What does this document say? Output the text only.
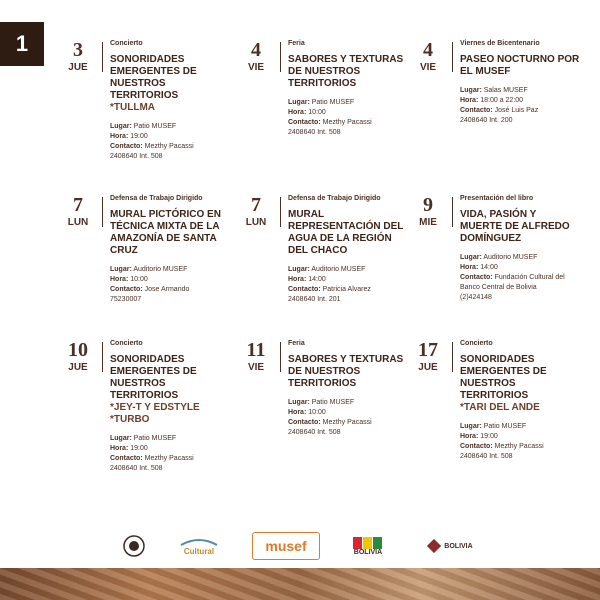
1	3
JUE
Concierto
SONORIDADES EMERGENTES DE NUESTROS TERRITORIOS
*TULLMA
Lugar: Patio MUSEF
Hora: 19:00
Contacto: Mezthy Pacassi
2408640 Int. 508
4
VIE
Feria
SABORES Y TEXTURAS DE NUESTROS TERRITORIOS
Lugar: Patio MUSEF
Hora: 10:00
Contacto: Mezthy Pacassi
2408640 Int. 508
4
VIE
Viernes de Bicentenario
PASEO NOCTURNO POR EL MUSEF
Lugar: Salas MUSEF
Hora: 18:00 a 22:00
Contacto: José Luis Paz
2408640 Int. 200
7
LUN
Defensa de Trabajo Dirigido
MURAL PICTÓRICO EN TÉCNICA MIXTA DE LA AMAZONÍA DE SANTA CRUZ
Lugar: Auditorio MUSEF
Hora: 10:00
Contacto: Jose Armando
75230007
7
LUN
Defensa de Trabajo Dirigido
MURAL REPRESENTACIÓN DEL AGUA DE LA REGIÓN DEL CHACO
Lugar: Auditorio MUSEF
Hora: 14:00
Contacto: Patricia Alvarez
2408640 Int. 201
9
MIE
Presentación del libro
VIDA, PASIÓN Y MUERTE DE ALFREDO DOMÍNGUEZ
Lugar: Auditorio MUSEF
Hora: 14:00
Contacto: Fundación Cultural del Banco Central de Bolivia
(2)424148
10
JUE
Concierto
SONORIDADES EMERGENTES DE NUESTROS TERRITORIOS
*JEY-T Y EDSTYLE *TURBO
Lugar: Patio MUSEF
Hora: 19:00
Contacto: Mezthy Pacassi
2408640 Int. 508
11
VIE
Feria
SABORES Y TEXTURAS DE NUESTROS TERRITORIOS
Lugar: Patio MUSEF
Hora: 10:00
Contacto: Mezthy Pacassi
2408640 Int. 508
17
JUE
Concierto
SONORIDADES EMERGENTES DE NUESTROS TERRITORIOS
*TARI DEL ANDE
Lugar: Patio MUSEF
Hora: 19:00
Contacto: Mezthy Pacassi
2408640 Int. 508
Cultural	musef	BOLIVIA
BOLIVIA
